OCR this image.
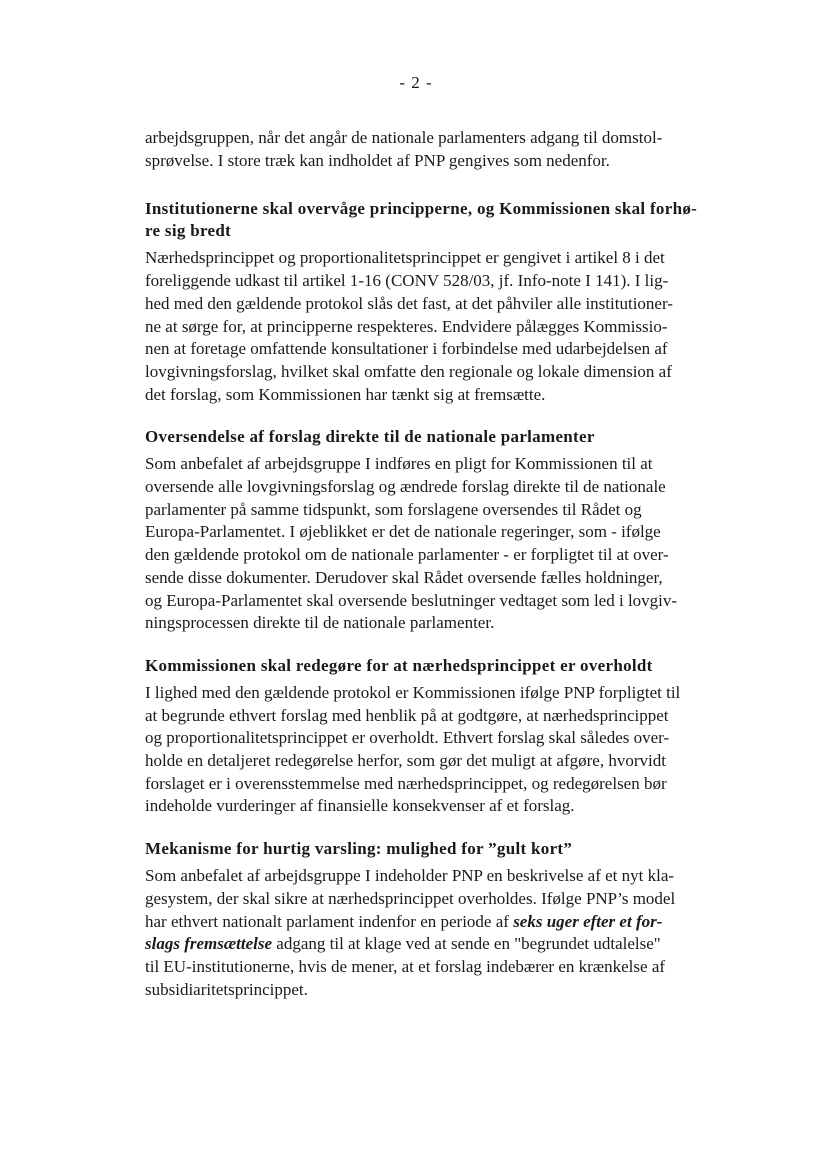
- 2 -

arbejdsgruppen, når det angår de nationale parlamenters adgang til domstol-
sprøvelse. I store træk kan indholdet af PNP gengives som nedenfor.

Institutionerne skal overvåge principperne, og Kommissionen skal forhø-
re sig bredt

Nærhedsprincippet og proportionalitetsprincippet er gengivet i artikel 8 i det
foreliggende udkast til artikel 1-16 (CONV 528/03, jf. Info-note I 141). I lig-
hed med den gældende protokol slås det fast, at det påhviler alle institutioner-
ne at sørge for, at principperne respekteres. Endvidere pålægges Kommissio-
nen at foretage omfattende konsultationer i forbindelse med udarbejdelsen af
lovgivningsforslag, hvilket skal omfatte den regionale og lokale dimension af
det forslag, som Kommissionen har tænkt sig at fremsætte.

Oversendelse af forslag direkte til de nationale parlamenter

Som anbefalet af arbejdsgruppe I indføres en pligt for Kommissionen til at
oversende alle lovgivningsforslag og ændrede forslag direkte til de nationale
parlamenter på samme tidspunkt, som forslagene oversendes til Rådet og
Europa-Parlamentet. I øjeblikket er det de nationale regeringer, som - ifølge
den gældende protokol om de nationale parlamenter - er forpligtet til at over-
sende disse dokumenter. Derudover skal Rådet oversende fælles holdninger,
og Europa-Parlamentet skal oversende beslutninger vedtaget som led i lovgiv-
ningsprocessen direkte til de nationale parlamenter.

Kommissionen skal redegøre for at nærhedsprincippet er overholdt

I lighed med den gældende protokol er Kommissionen ifølge PNP forpligtet til
at begrunde ethvert forslag med henblik på at godtgøre, at nærhedsprincippet
og proportionalitetsprincippet er overholdt. Ethvert forslag skal således over-
holde en detaljeret redegørelse herfor, som gør det muligt at afgøre, hvorvidt
forslaget er i overensstemmelse med nærhedsprincippet, og redegørelsen bør
indeholde vurderinger af finansielle konsekvenser af et forslag.

Mekanisme for hurtig varsling: mulighed for ”gult kort”

Som anbefalet af arbejdsgruppe I indeholder PNP en beskrivelse af et nyt kla-
gesystem, der skal sikre at nærhedsprincippet overholdes. Ifølge PNP’s model
har ethvert nationalt parlament indenfor en periode af seks uger efter et for-
slags fremsættelse adgang til at klage ved at sende en "begrundet udtalelse"
til EU-institutionerne, hvis de mener, at et forslag indebærer en krænkelse af
subsidiaritetsprincippet.
